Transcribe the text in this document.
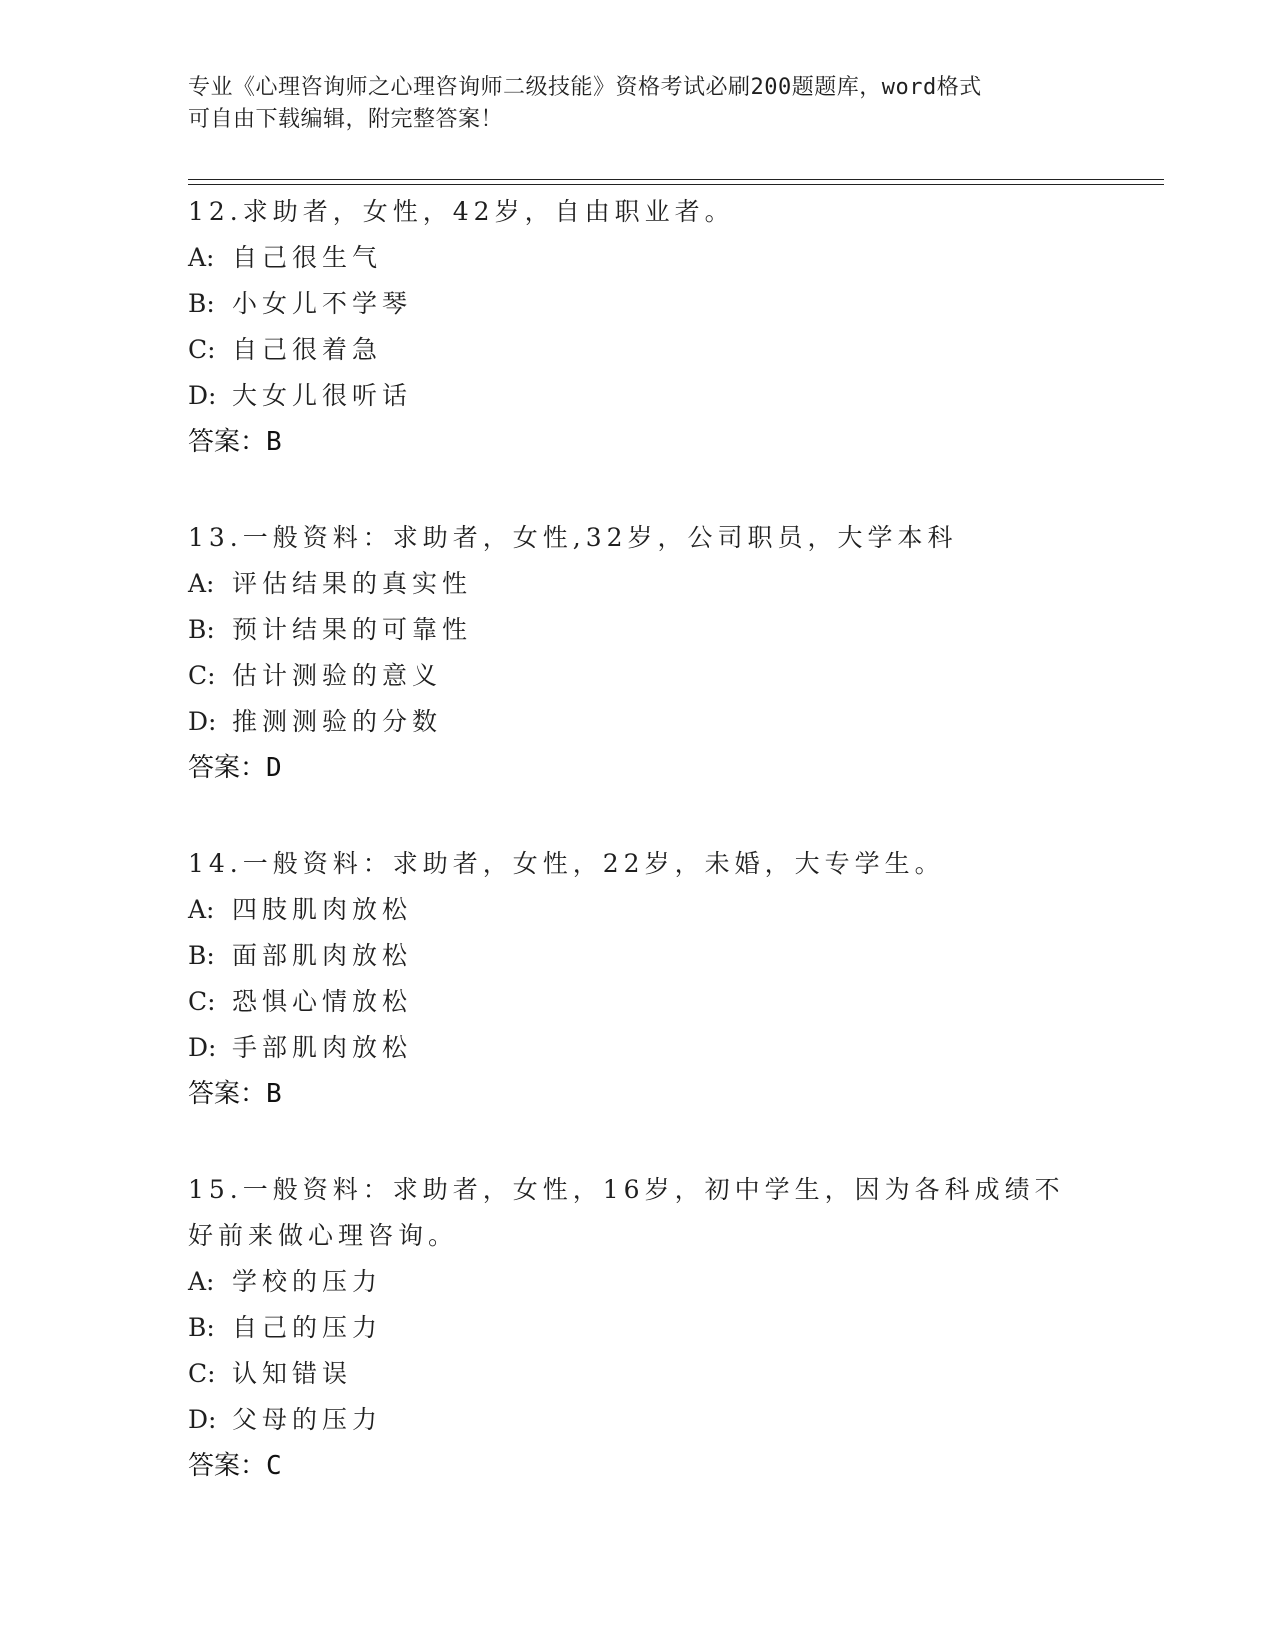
专业《心理咨询师之心理咨询师二级技能》资格考试必刷200题题库，word格式
可自由下载编辑，附完整答案！
12.求助者，女性，42岁，自由职业者。
A: 自己很生气
B: 小女儿不学琴
C: 自己很着急
D: 大女儿很听话
答案：B
13.一般资料：求助者，女性,32岁，公司职员，大学本科
A: 评估结果的真实性
B: 预计结果的可靠性
C: 估计测验的意义
D: 推测测验的分数
答案：D
14.一般资料：求助者，女性，22岁，未婚，大专学生。
A: 四肢肌肉放松
B: 面部肌肉放松
C: 恐惧心情放松
D: 手部肌肉放松
答案：B
15.一般资料：求助者，女性，16岁，初中学生，因为各科成绩不好前来做心理咨询。
A: 学校的压力
B: 自己的压力
C: 认知错误
D: 父母的压力
答案：C
